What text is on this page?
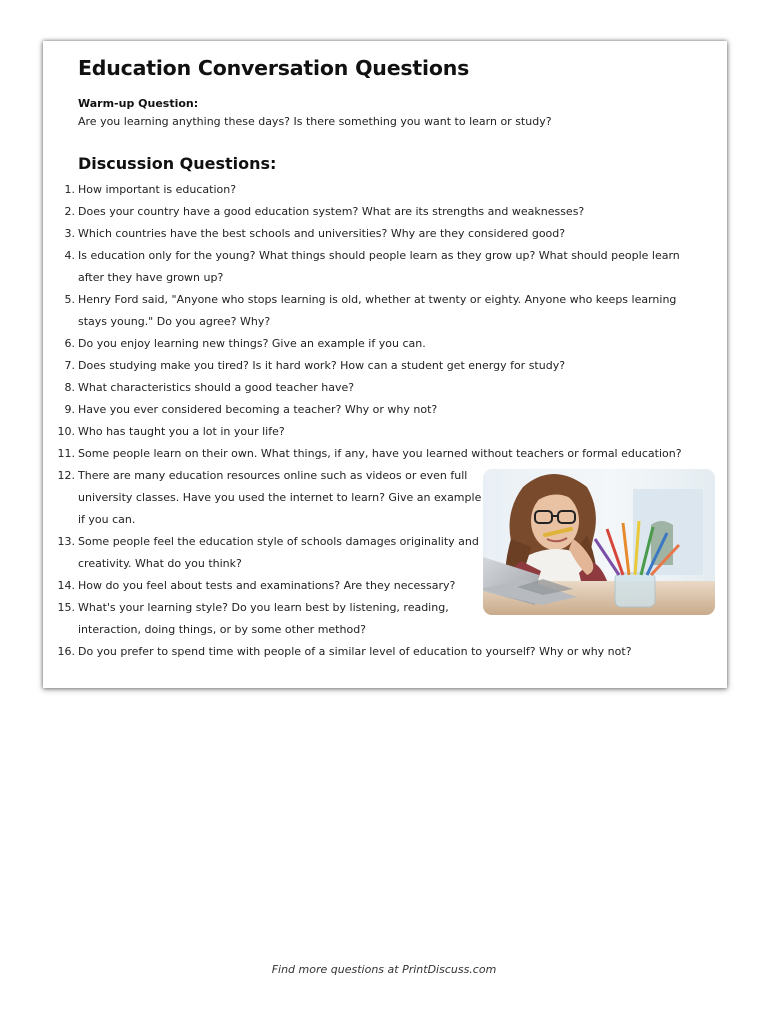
Education Conversation Questions
Warm-up Question:
Are you learning anything these days? Is there something you want to learn or study?
Discussion Questions:
1. How important is education?
2. Does your country have a good education system? What are its strengths and weaknesses?
3. Which countries have the best schools and universities? Why are they considered good?
4. Is education only for the young? What things should people learn as they grow up? What should people learn after they have grown up?
5. Henry Ford said, "Anyone who stops learning is old, whether at twenty or eighty. Anyone who keeps learning stays young." Do you agree? Why?
6. Do you enjoy learning new things? Give an example if you can.
7. Does studying make you tired? Is it hard work? How can a student get energy for study?
8. What characteristics should a good teacher have?
9. Have you ever considered becoming a teacher? Why or why not?
10. Who has taught you a lot in your life?
11. Some people learn on their own. What things, if any, have you learned without teachers or formal education?
12. There are many education resources online such as videos or even full university classes. Have you used the internet to learn? Give an example if you can.
13. Some people feel the education style of schools damages originality and creativity. What do you think?
14. How do you feel about tests and examinations? Are they necessary?
15. What's your learning style? Do you learn best by listening, reading, interaction, doing things, or by some other method?
16. Do you prefer to spend time with people of a similar level of education to yourself? Why or why not?
Find more questions at PrintDiscuss.com
